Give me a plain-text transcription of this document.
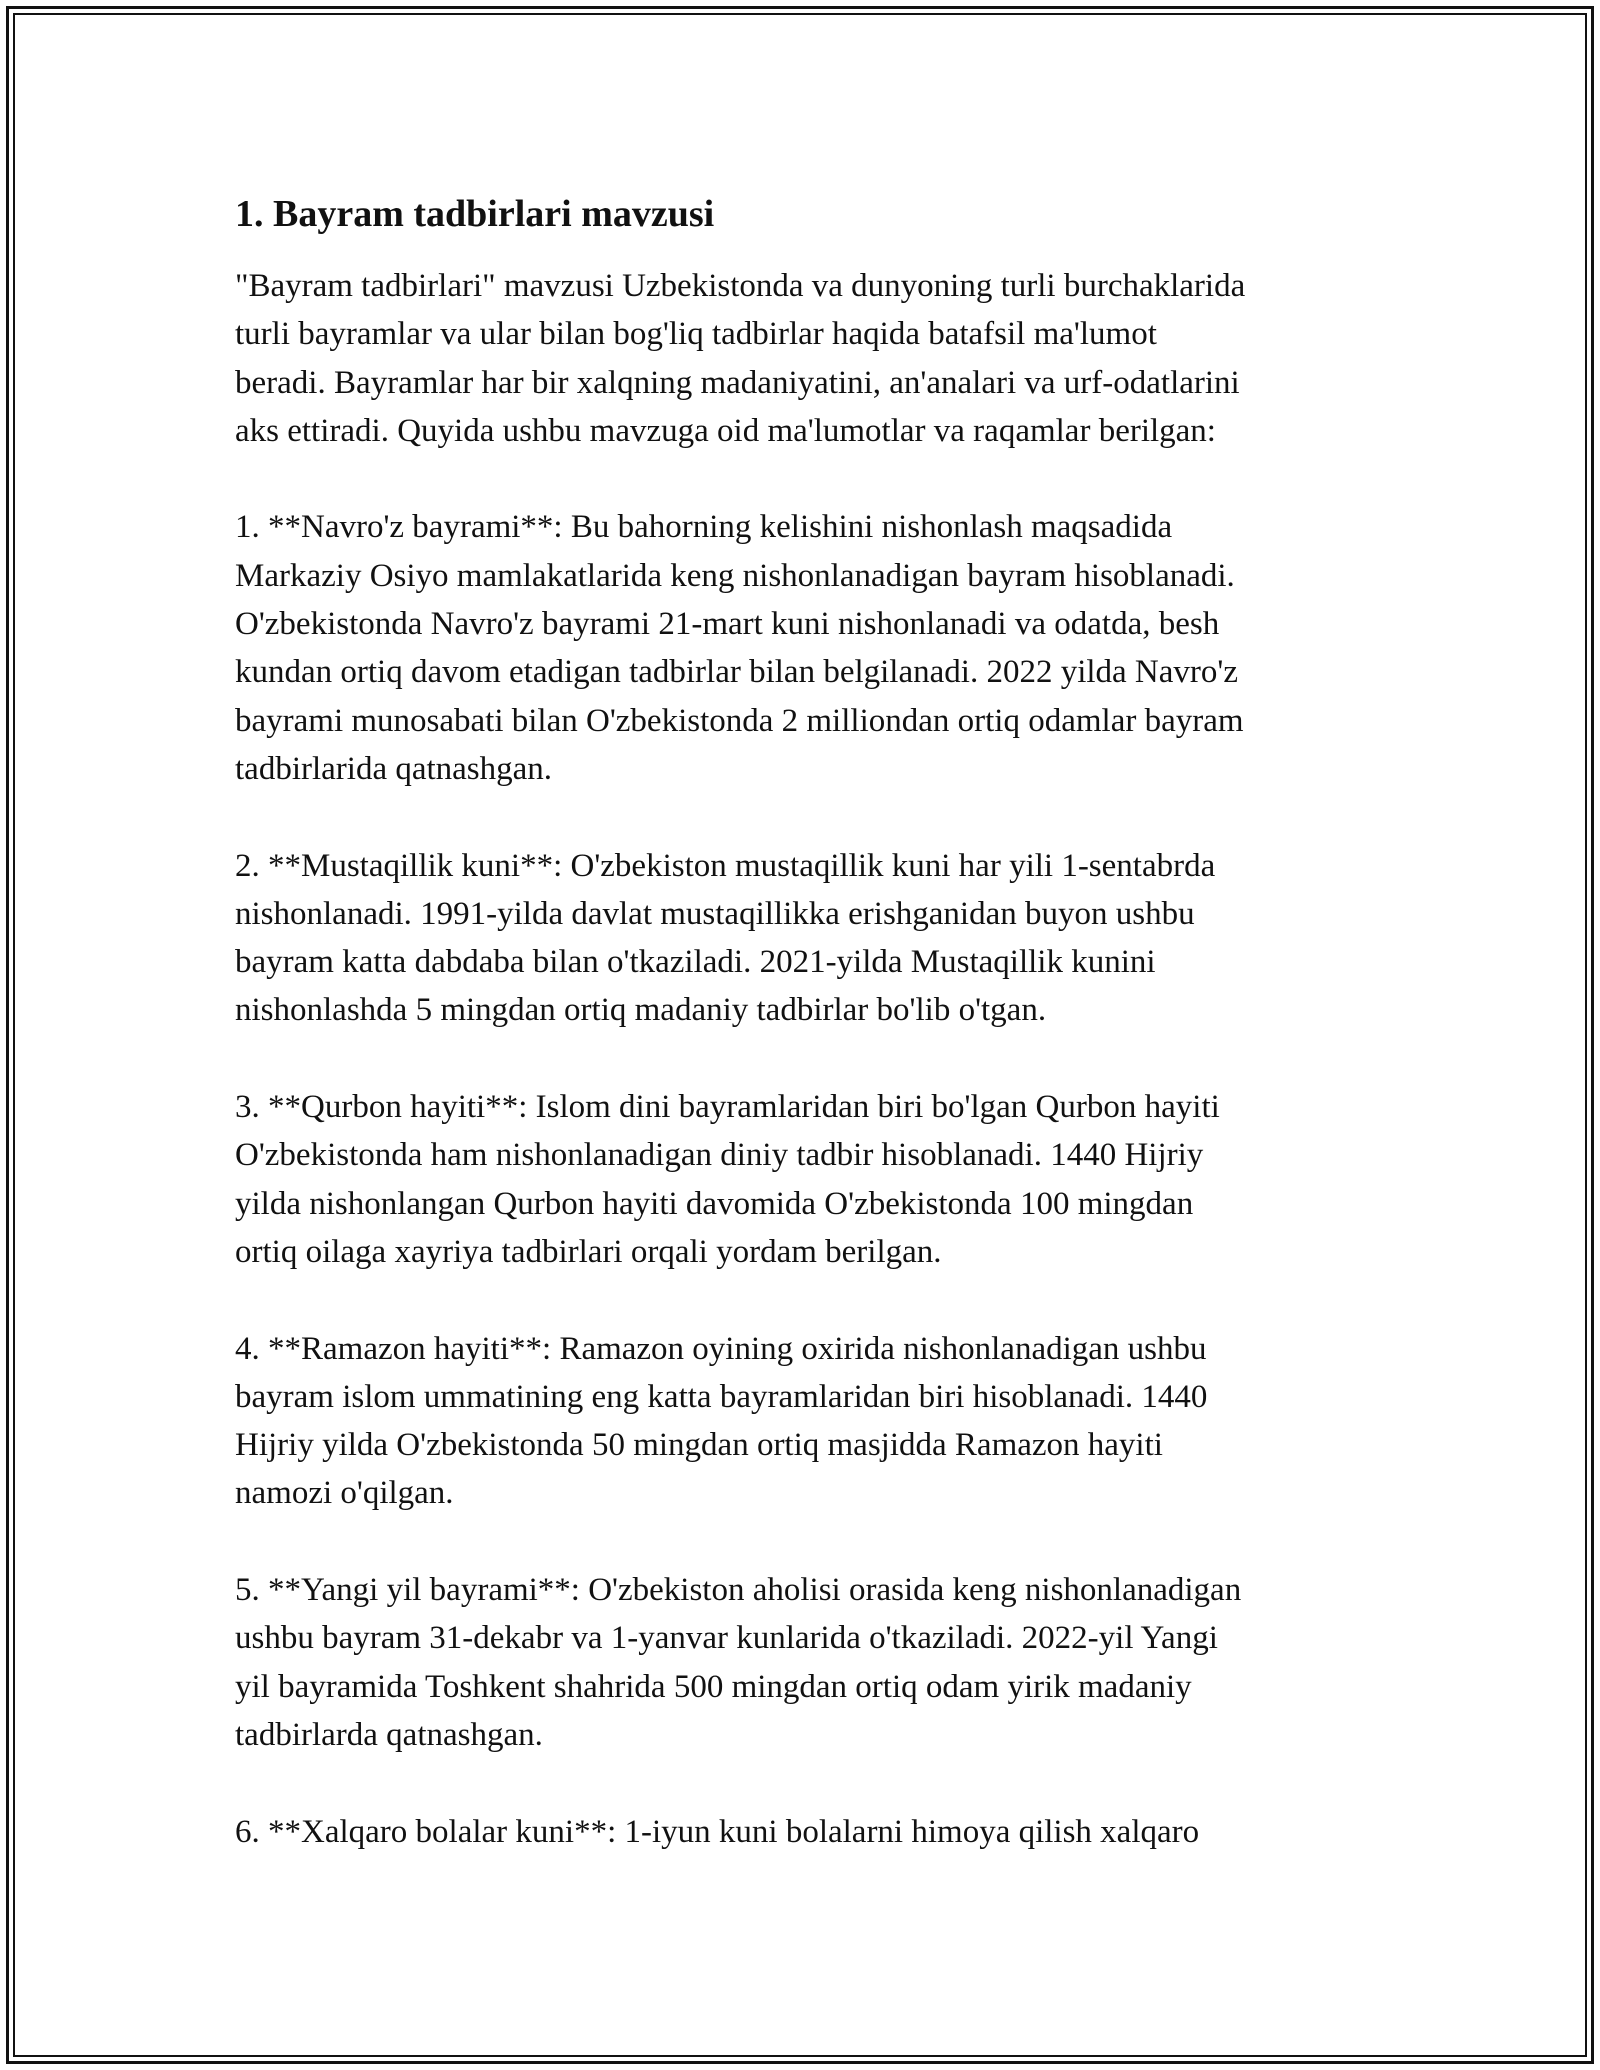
1. Bayram tadbirlari mavzusi

"Bayram tadbirlari" mavzusi Uzbekistonda va dunyoning turli burchaklarida
turli bayramlar va ular bilan bog'liq tadbirlar haqida batafsil ma'lumot
beradi. Bayramlar har bir xalqning madaniyatini, an'analari va urf-odatlarini
aks ettiradi. Quyida ushbu mavzuga oid ma'lumotlar va raqamlar berilgan:

1. **Navro'z bayrami**: Bu bahorning kelishini nishonlash maqsadida
Markaziy Osiyo mamlakatlarida keng nishonlanadigan bayram hisoblanadi.
O'zbekistonda Navro'z bayrami 21-mart kuni nishonlanadi va odatda, besh
kundan ortiq davom etadigan tadbirlar bilan belgilanadi. 2022 yilda Navro'z
bayrami munosabati bilan O'zbekistonda 2 milliondan ortiq odamlar bayram
tadbirlarida qatnashgan.

2. **Mustaqillik kuni**: O'zbekiston mustaqillik kuni har yili 1-sentabrda
nishonlanadi. 1991-yilda davlat mustaqillikka erishganidan buyon ushbu
bayram katta dabdaba bilan o'tkaziladi. 2021-yilda Mustaqillik kunini
nishonlashda 5 mingdan ortiq madaniy tadbirlar bo'lib o'tgan.

3. **Qurbon hayiti**: Islom dini bayramlaridan biri bo'lgan Qurbon hayiti
O'zbekistonda ham nishonlanadigan diniy tadbir hisoblanadi. 1440 Hijriy
yilda nishonlangan Qurbon hayiti davomida O'zbekistonda 100 mingdan
ortiq oilaga xayriya tadbirlari orqali yordam berilgan.

4. **Ramazon hayiti**: Ramazon oyining oxirida nishonlanadigan ushbu
bayram islom ummatining eng katta bayramlaridan biri hisoblanadi. 1440
Hijriy yilda O'zbekistonda 50 mingdan ortiq masjidda Ramazon hayiti
namozi o'qilgan.

5. **Yangi yil bayrami**: O'zbekiston aholisi orasida keng nishonlanadigan
ushbu bayram 31-dekabr va 1-yanvar kunlarida o'tkaziladi. 2022-yil Yangi
yil bayramida Toshkent shahrida 500 mingdan ortiq odam yirik madaniy
tadbirlarda qatnashgan.

6. **Xalqaro bolalar kuni**: 1-iyun kuni bolalarni himoya qilish xalqaro
